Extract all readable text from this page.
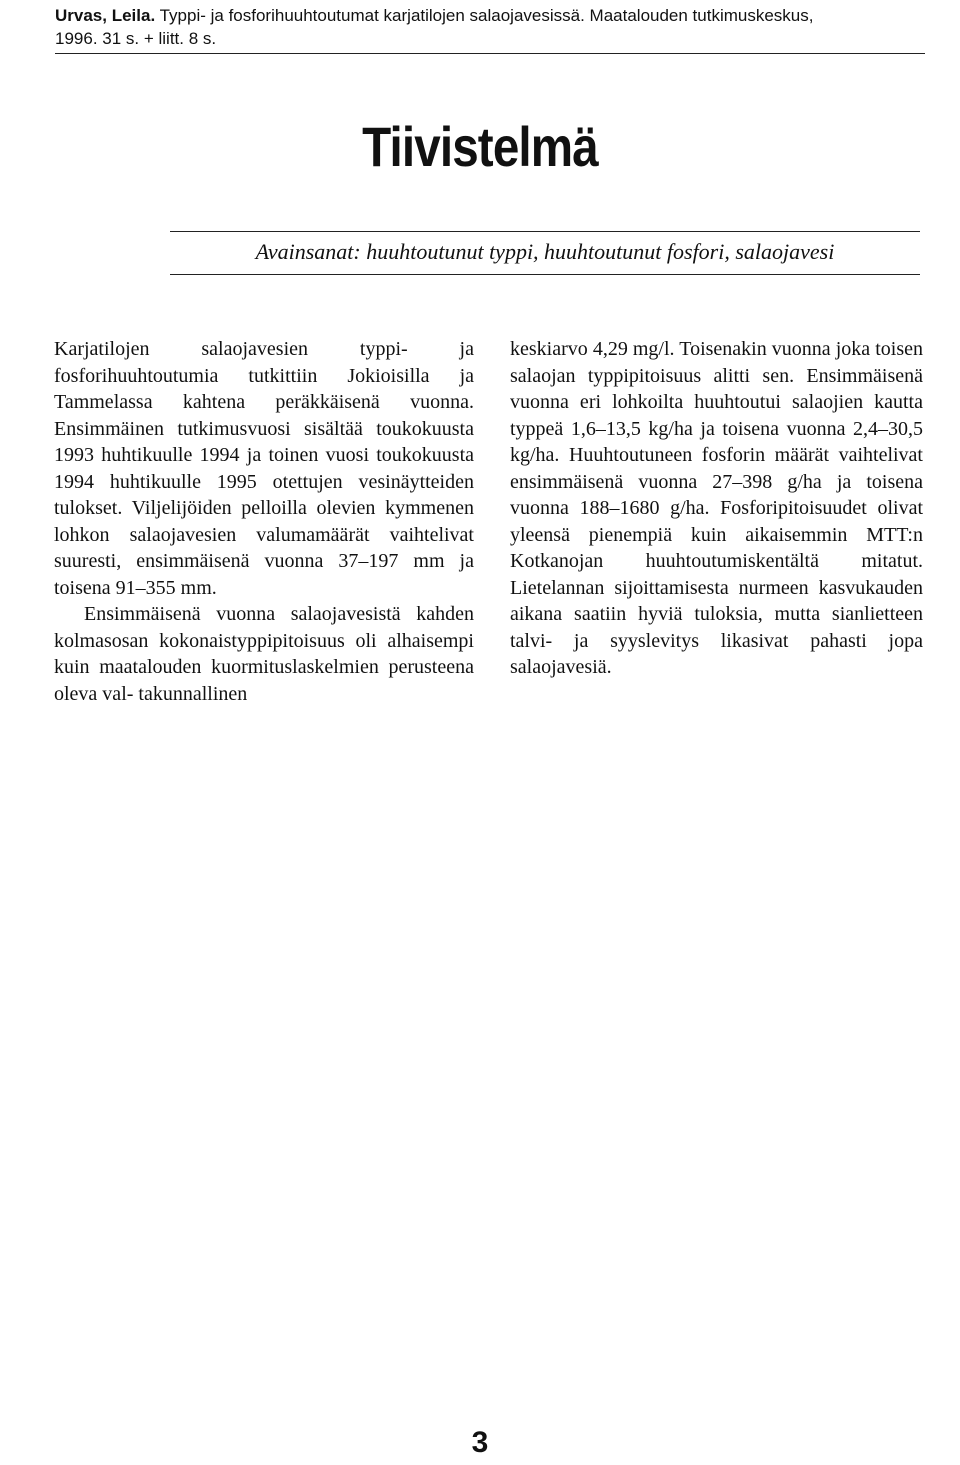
Urvas, Leila. Typpi- ja fosforihuuhtoutumat karjatilojen salaojavesissä. Maatalouden tutkimuskeskus,
1996. 31 s. + liitt. 8 s.
Tiivistelmä
Avainsanat: huuhtoutunut typpi, huuhtoutunut fosfori, salaojavesi

Karjatilojen salaojavesien typpi- ja fosforihuuhtoutumia tutkittiin Jokioisilla ja Tammelassa kahtena peräkkäisenä vuonna. Ensimmäinen tutkimusvuosi sisältää toukokuusta 1993 huhtikuulle 1994 ja toinen vuosi toukokuusta 1994 huhtikuulle 1995 otettujen vesinäytteiden tulokset. Viljelijöiden pelloilla olevien kymmenen lohkon salaojavesien valumamäärät vaihtelivat suuresti, ensimmäisenä vuonna 37–197 mm ja toisena 91–355 mm.

Ensimmäisenä vuonna salaojavesistä kahden kolmasosan kokonaistyppipitoisuus oli alhaisempi kuin maatalouden kuormituslaskelmien perusteena oleva val- takunnallinen

keskiarvo 4,29 mg/l. Toisenakin vuonna joka toisen salaojan typpipitoisuus alitti sen. Ensimmäisenä vuonna eri lohkoilta huuhtoutui salaojien kautta typpeä 1,6–13,5 kg/ha ja toisena vuonna 2,4–30,5 kg/ha. Huuhtoutuneen fosforin määrät vaihtelivat ensimmäisenä vuonna 27–398 g/ha ja toisena vuonna 188–1680 g/ha. Fosforipitoisuudet olivat yleensä pienempiä kuin aikaisemmin MTT:n Kotkanojan huuhtoutumiskentältä mitatut. Lietelannan sijoittamisesta nurmeen kasvukauden aikana saatiin hyviä tuloksia, mutta sianlietteen talvi- ja syyslevitys likasivat pahasti jopa salaojavesiä.

3
